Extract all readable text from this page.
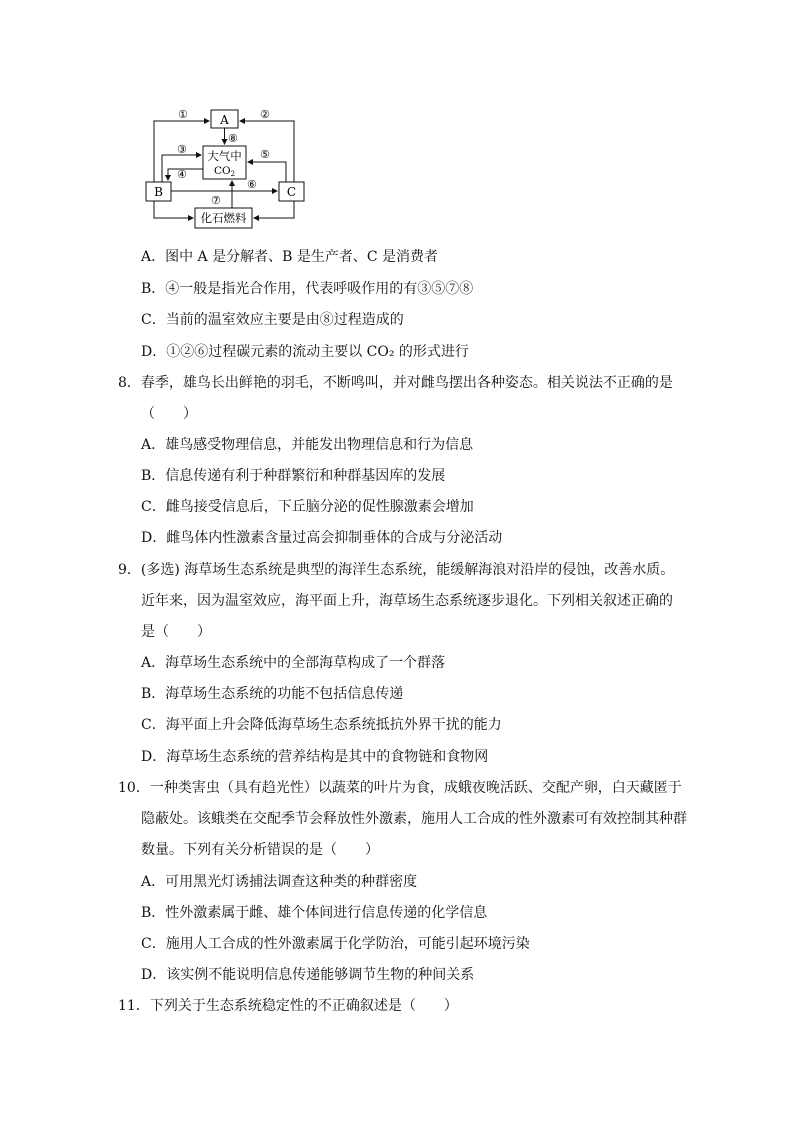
A
大气中
CO2
B	C
化石燃料
①	②
⑧
③
④
⑤
⑥
⑦
A．图中 A 是分解者、B 是生产者、C 是消费者
B．④一般是指光合作用，代表呼吸作用的有③⑤⑦⑧
C．当前的温室效应主要是由⑧过程造成的
D．①②⑥过程碳元素的流动主要以 CO₂ 的形式进行
8．春季，雄鸟长出鲜艳的羽毛，不断鸣叫，并对雌鸟摆出各种姿态。相关说法不正确的是
（　　）
A．雄鸟感受物理信息，并能发出物理信息和行为信息
B．信息传递有利于种群繁衍和种群基因库的发展
C．雌鸟接受信息后，下丘脑分泌的促性腺激素会增加
D．雌鸟体内性激素含量过高会抑制垂体的合成与分泌活动
9．(多选) 海草场生态系统是典型的海洋生态系统，能缓解海浪对沿岸的侵蚀，改善水质。
近年来，因为温室效应，海平面上升，海草场生态系统逐步退化。下列相关叙述正确的
是（　　）
A．海草场生态系统中的全部海草构成了一个群落
B．海草场生态系统的功能不包括信息传递
C．海平面上升会降低海草场生态系统抵抗外界干扰的能力
D．海草场生态系统的营养结构是其中的食物链和食物网
10．一种类害虫（具有趋光性）以蔬菜的叶片为食，成蛾夜晚活跃、交配产卵，白天藏匿于
隐蔽处。该蛾类在交配季节会释放性外激素，施用人工合成的性外激素可有效控制其种群
数量。下列有关分析错误的是（　　）
A．可用黑光灯诱捕法调查这种类的种群密度
B．性外激素属于雌、雄个体间进行信息传递的化学信息
C．施用人工合成的性外激素属于化学防治，可能引起环境污染
D．该实例不能说明信息传递能够调节生物的种间关系
11．下列关于生态系统稳定性的不正确叙述是（　　）
